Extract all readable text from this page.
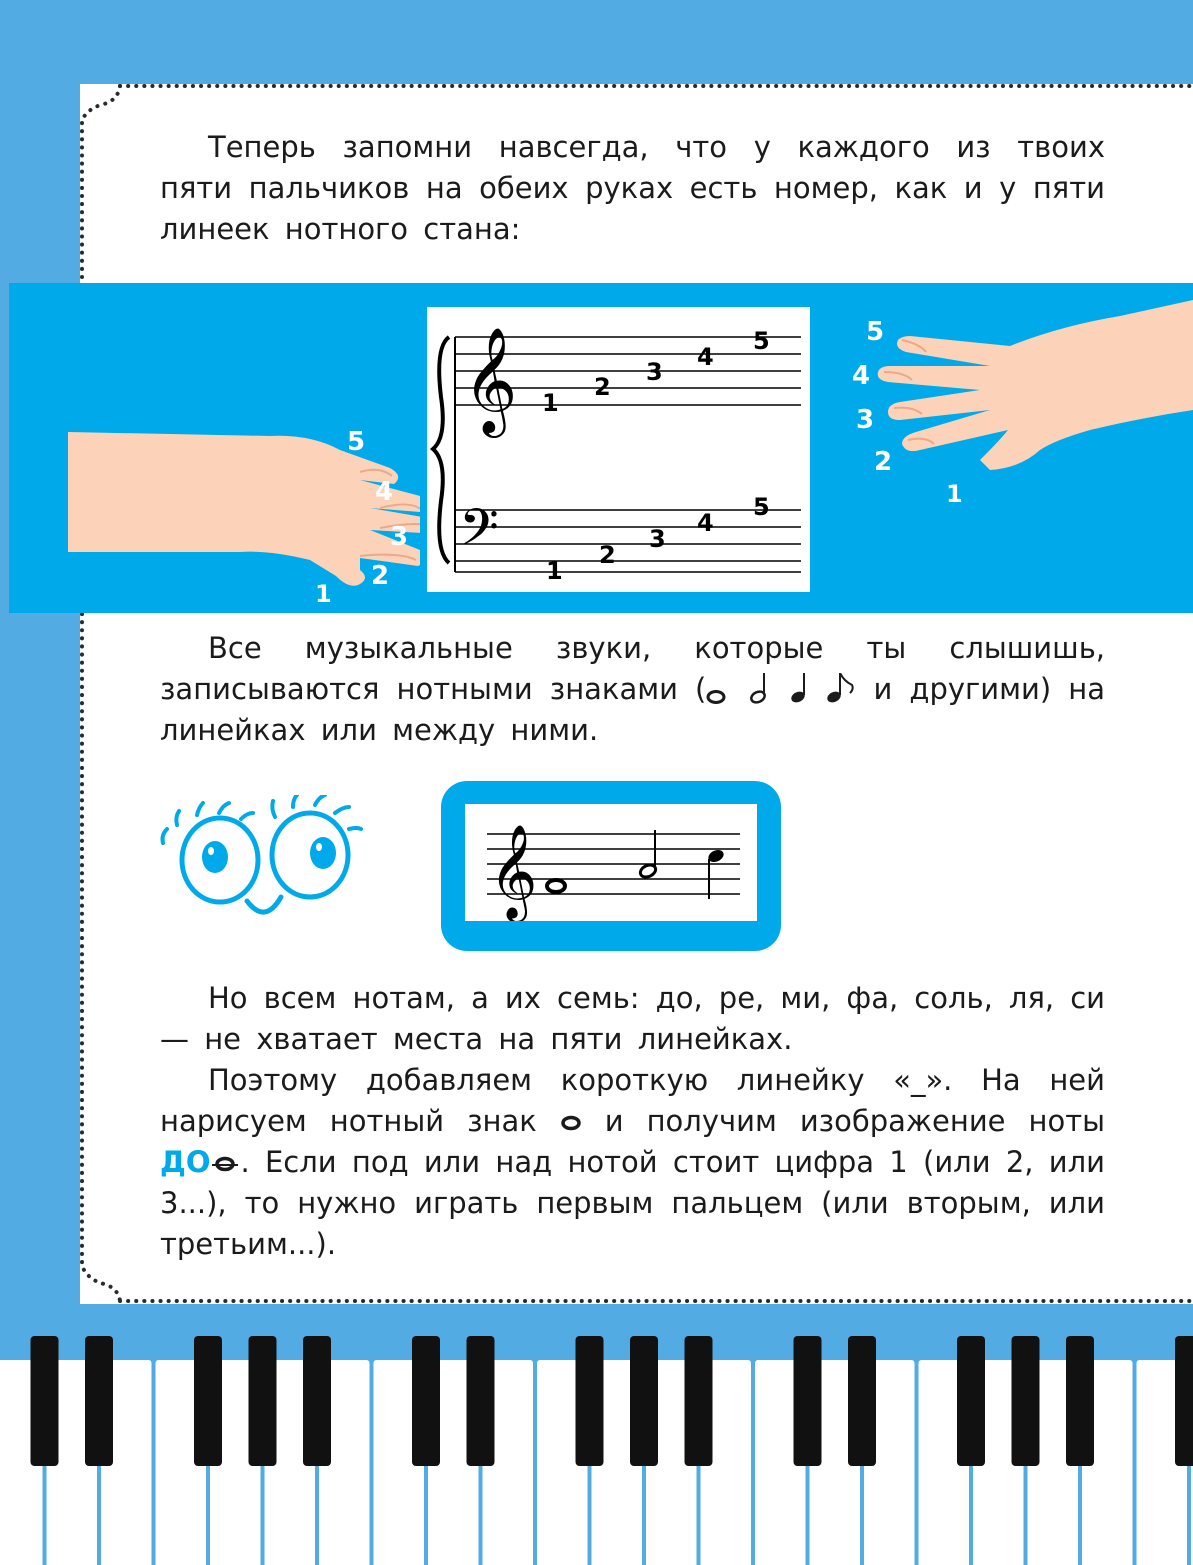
Теперь запомни навсегда, что у каждого из твоих пяти пальчиков на обеих руках есть номер, как и у пяти линеек нотного стана:

5
4
3
2
1
𝄞 1
2
3
4
5
𝄢
1
2
3
4
5
5
4
3
2
1

Все музыкальные звуки, которые ты слышишь, записываются нотными знаками (	и другими) на линейках или между ними.

𝄞

Но всем нотам, а их семь: до, ре, ми, фа, соль, ля, си — не хватает места на пяти линейках.

Поэтому добавляем короткую линейку «_». На ней нарисуем нотный знак  и получим изображение ноты ДО . Если под или над нотой стоит цифра 1 (или 2, или 3...), то нужно играть первым пальцем (или вторым, или третьим...).
